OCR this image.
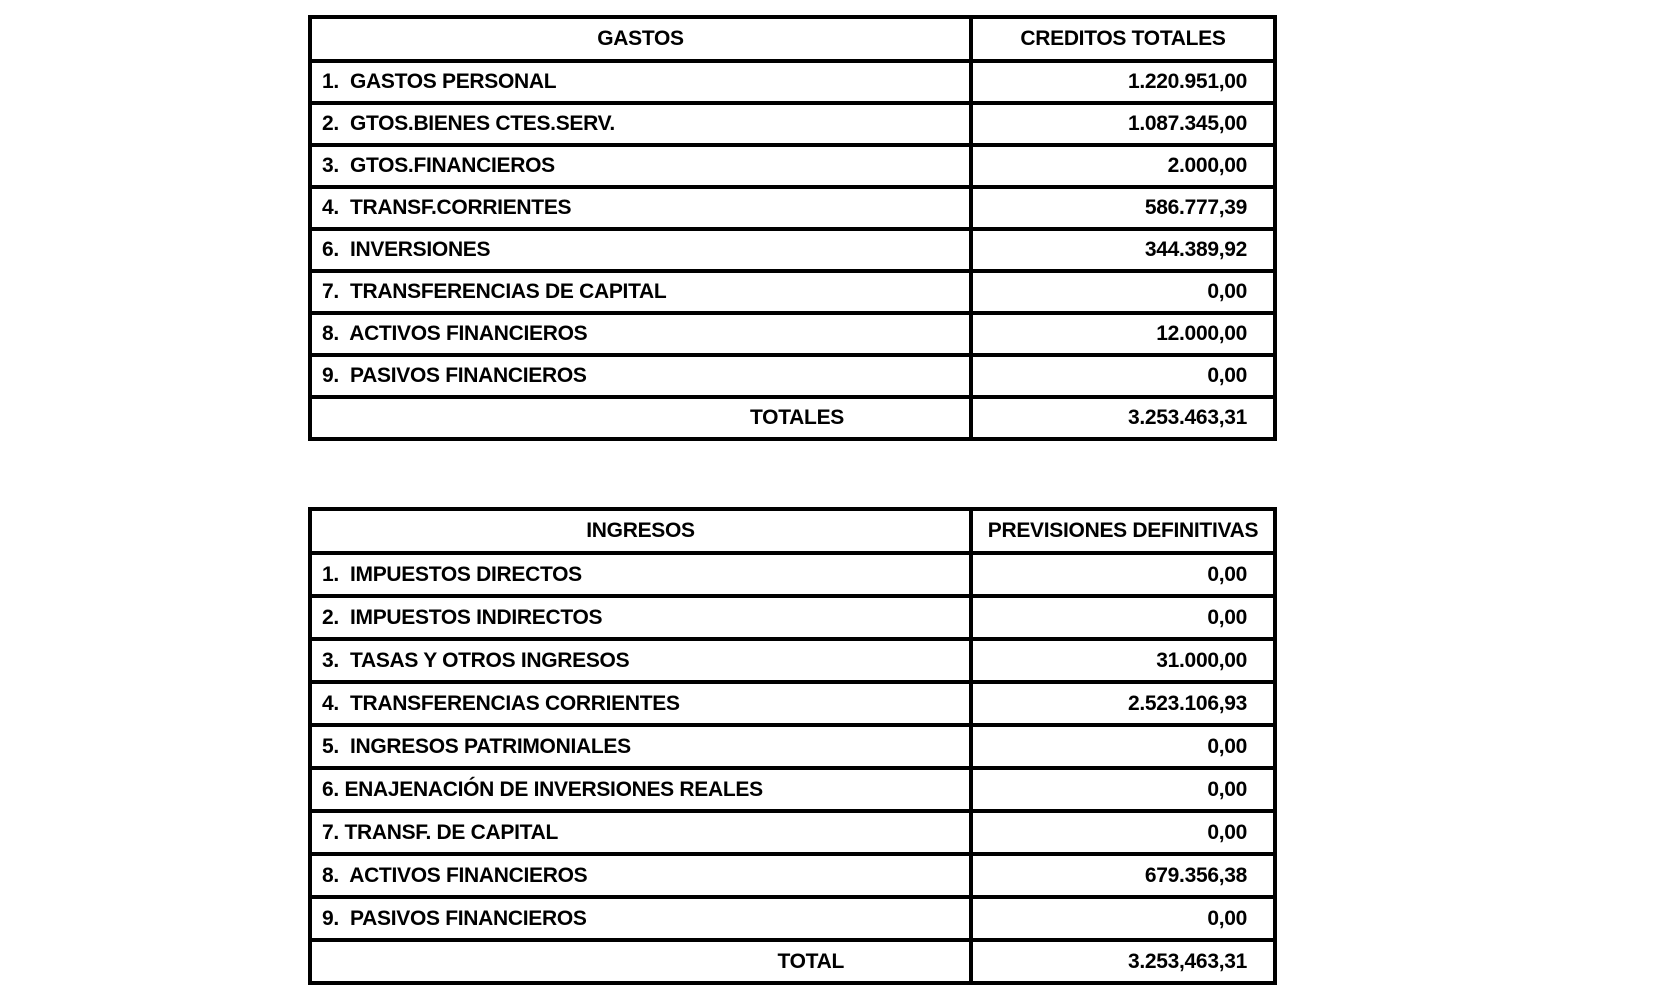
GASTOS	CREDITOS TOTALES
1.  GASTOS PERSONAL	1.220.951,00
2.  GTOS.BIENES CTES.SERV.	1.087.345,00
3.  GTOS.FINANCIEROS	2.000,00
4.  TRANSF.CORRIENTES	586.777,39
6.  INVERSIONES	344.389,92
7.  TRANSFERENCIAS DE CAPITAL	0,00
8.  ACTIVOS FINANCIEROS	12.000,00
9.  PASIVOS FINANCIEROS	0,00
TOTALES	3.253.463,31
INGRESOS	PREVISIONES DEFINITIVAS
1.  IMPUESTOS DIRECTOS	0,00
2.  IMPUESTOS INDIRECTOS	0,00
3.  TASAS Y OTROS INGRESOS	31.000,00
4.  TRANSFERENCIAS CORRIENTES	2.523.106,93
5.  INGRESOS PATRIMONIALES	0,00
6. ENAJENACIÓN DE INVERSIONES REALES	0,00
7. TRANSF. DE CAPITAL	0,00
8.  ACTIVOS FINANCIEROS	679.356,38
9.  PASIVOS FINANCIEROS	0,00
TOTAL	3.253,463,31
